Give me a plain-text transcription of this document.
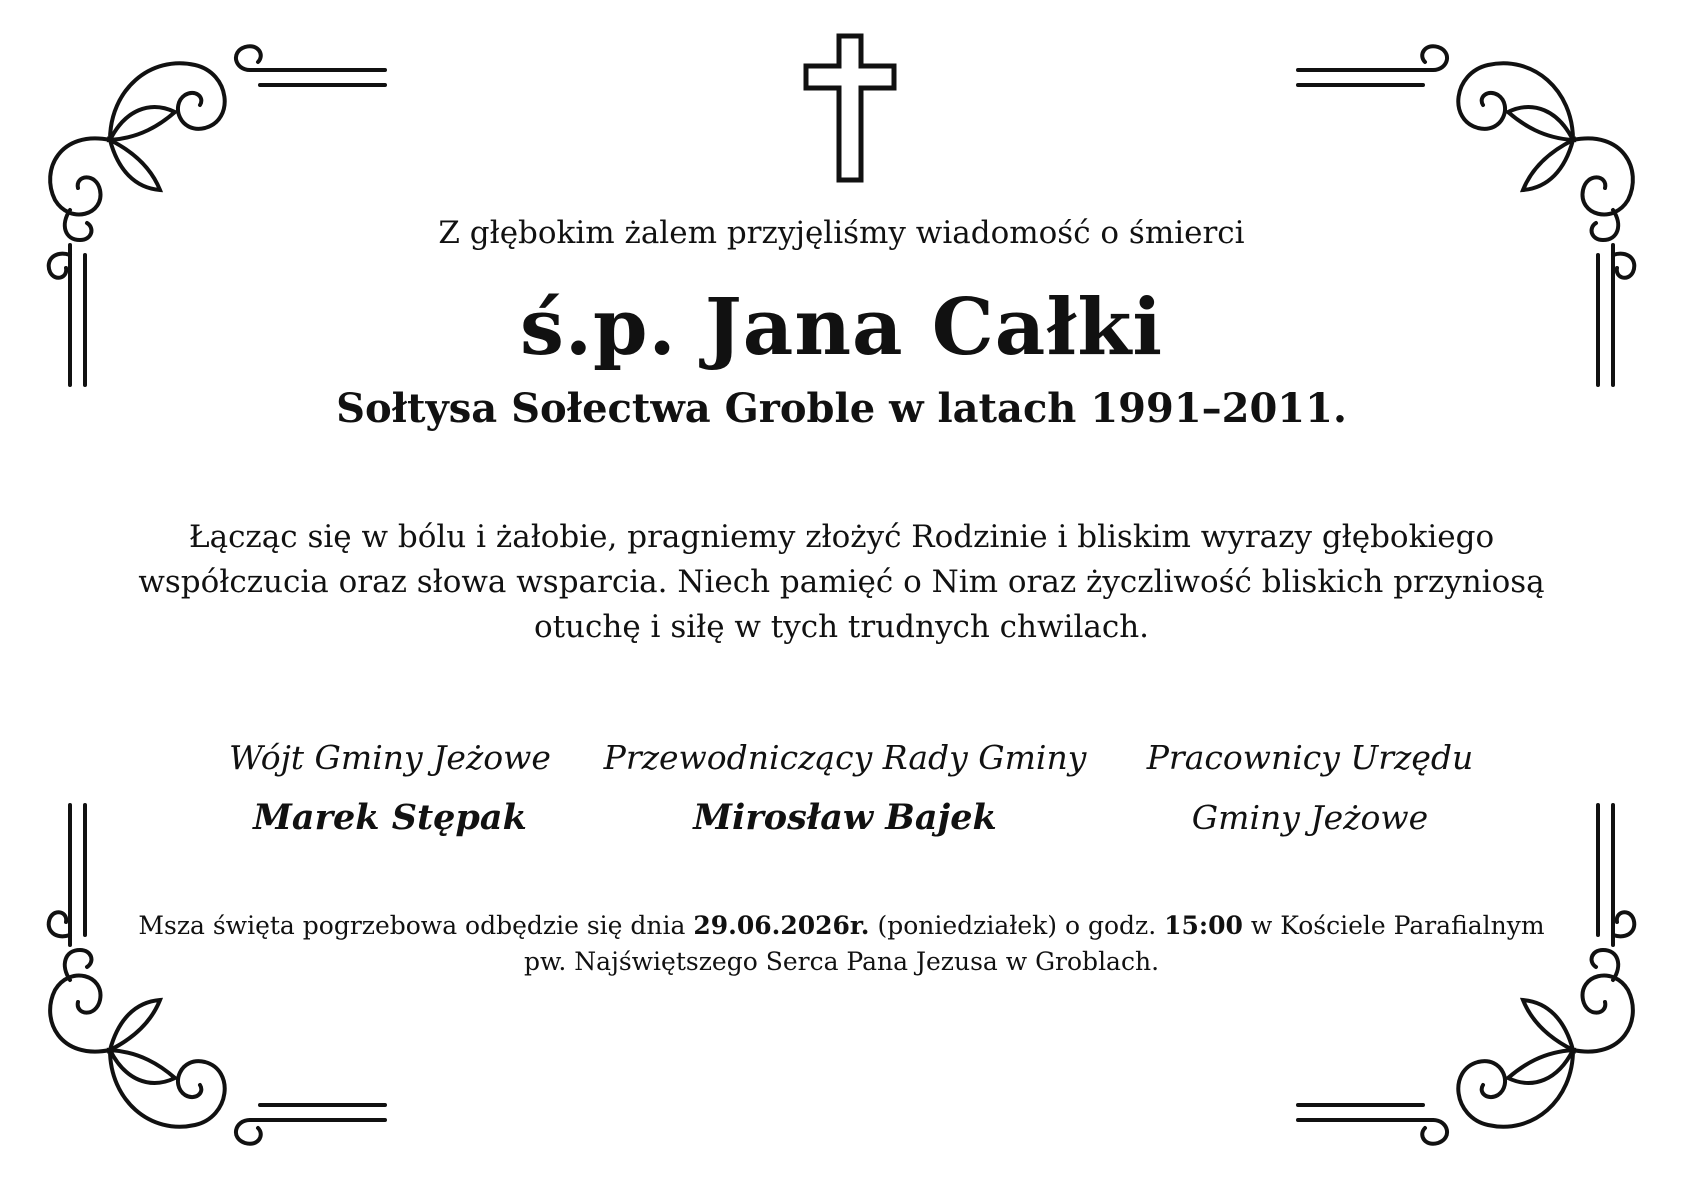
Z głębokim żalem przyjęliśmy wiadomość o śmierci
ś.p. Jana Całki
Sołtysa Sołectwa Groble w latach 1991–2011.
Łącząc się w bólu i żałobie, pragniemy złożyć Rodzinie i bliskim wyrazy głębokiego współczucia oraz słowa wsparcia. Niech pamięć o Nim oraz życzliwość bliskich przyniosą otuchę i siłę w tych trudnych chwilach.
Wójt Gminy Jeżowe
Marek Stępak
Przewodniczący Rady Gminy
Mirosław Bajek
Pracownicy Urzędu
Gminy Jeżowe
Msza święta pogrzebowa odbędzie się dnia 29.06.2026r. (poniedziałek) o godz. 15:00 w Kościele Parafialnym
pw. Najświętszego Serca Pana Jezusa w Groblach.
